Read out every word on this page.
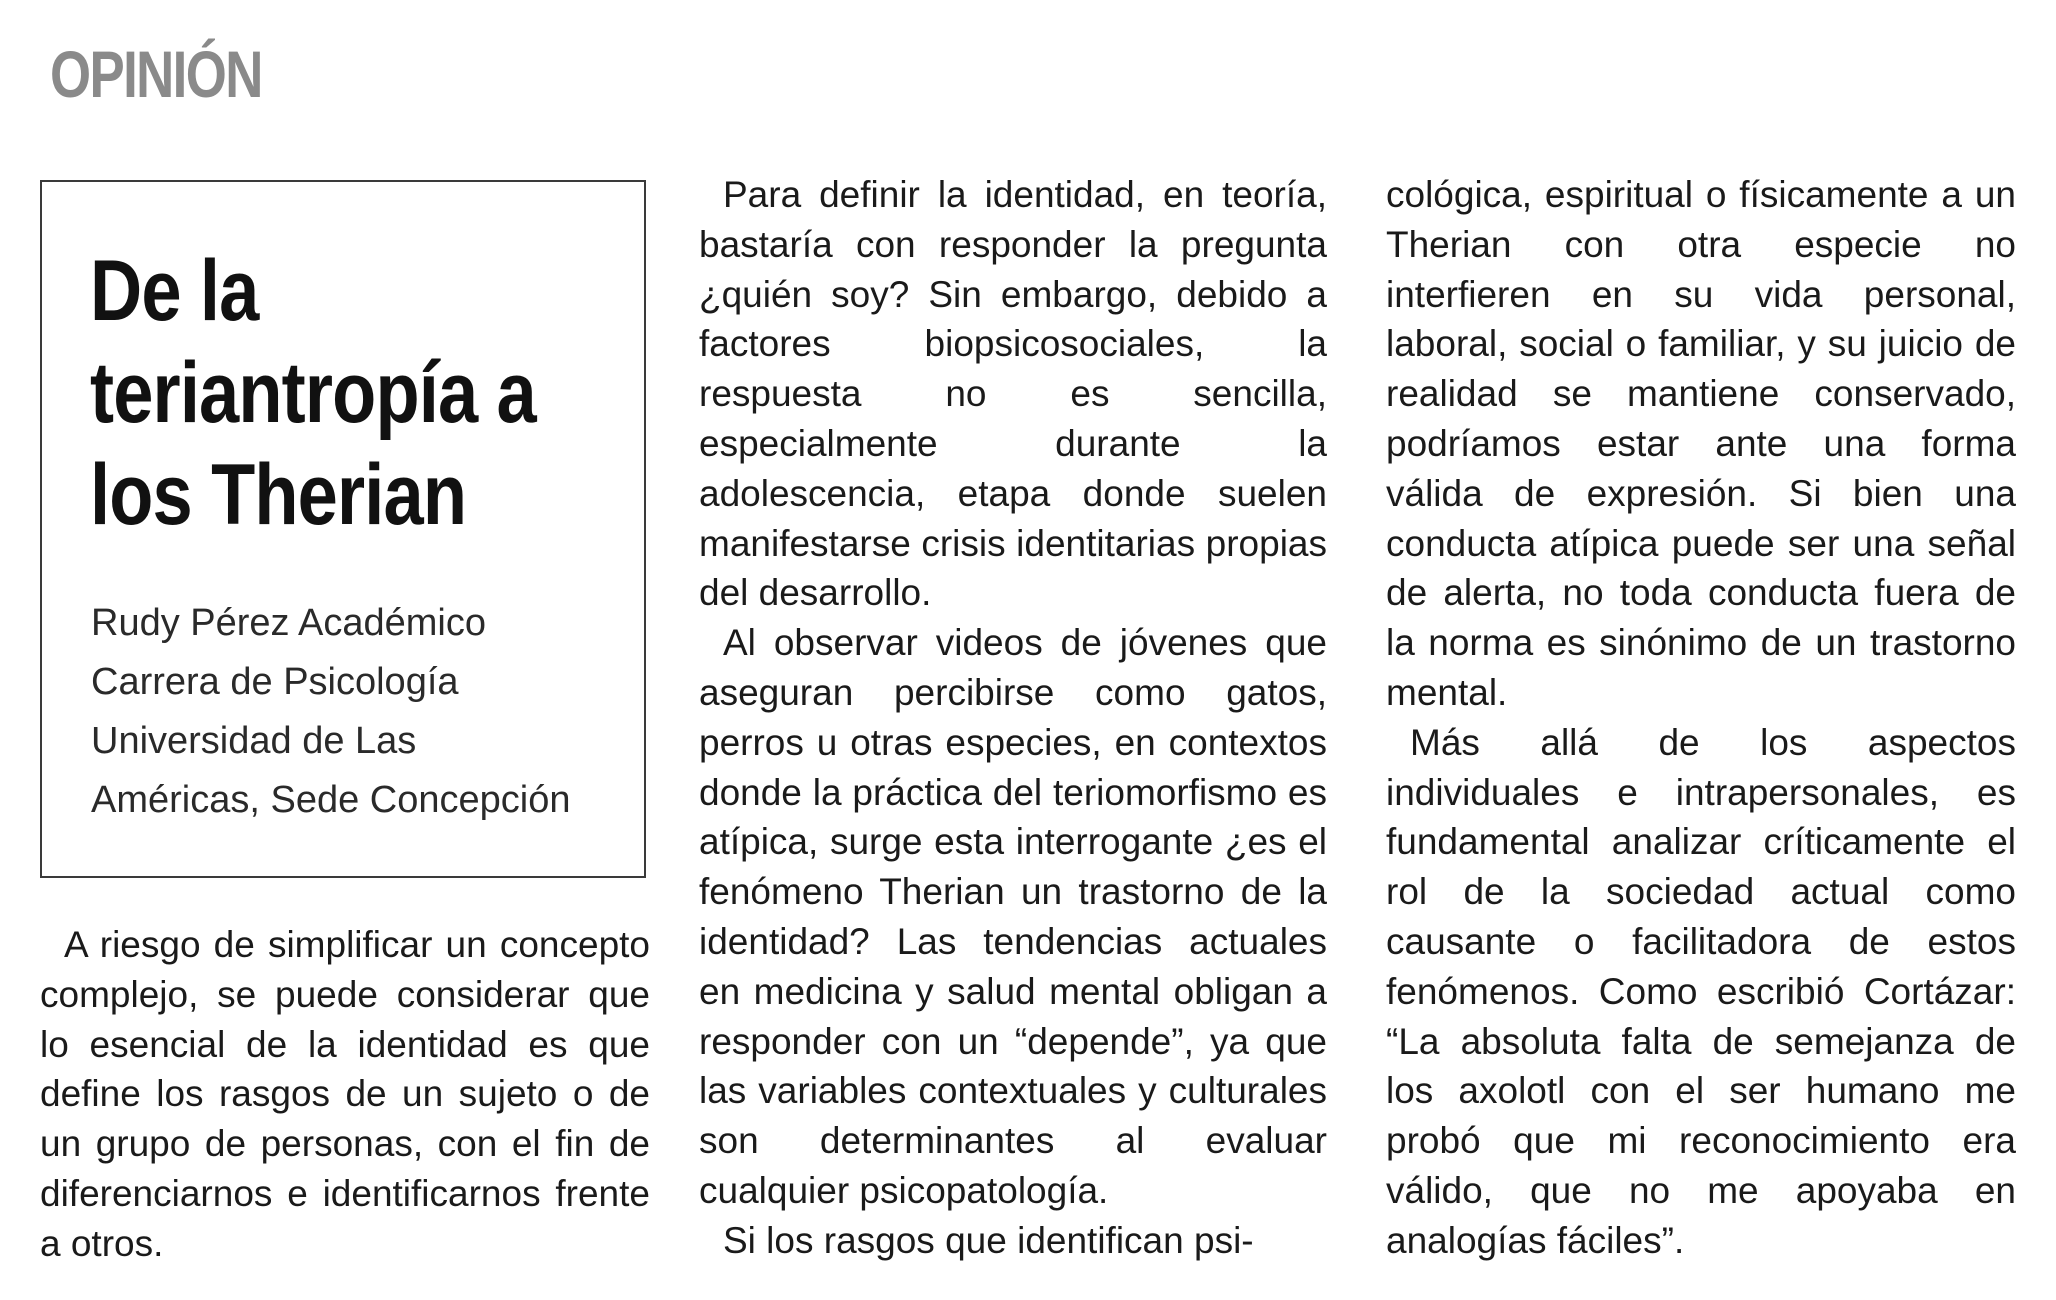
OPINIÓN
De la
teriantropía a
los Therian
Rudy Pérez Académico
Carrera de Psicología
Universidad de Las
Américas, Sede Concepción

A riesgo de simplificar un concepto complejo, se puede considerar que lo esencial de la identidad es que define los rasgos de un sujeto o de un grupo de personas, con el fin de diferenciarnos e identificarnos frente a otros.

Para definir la identidad, en teoría, bastaría con responder la pregunta ¿quién soy? Sin embargo, debido a factores biopsicosociales, la respuesta no es sencilla, especialmente durante la adolescencia, etapa donde suelen manifestarse crisis identitarias propias del desarrollo.

Al observar videos de jóvenes que aseguran percibirse como gatos, perros u otras especies, en contextos donde la práctica del teriomorfismo es atípica, surge esta interrogante ¿es el fenómeno Therian un trastorno de la identidad? Las tendencias actuales en medicina y salud mental obligan a responder con un “depende”, ya que las variables contextuales y culturales son determinantes al evaluar cualquier psicopatología.

Si los rasgos que identifican psi-

cológica, espiritual o físicamente a un Therian con otra especie no interfieren en su vida personal, laboral, social o familiar, y su juicio de realidad se mantiene conservado, podríamos estar ante una forma válida de expresión. Si bien una conducta atípica puede ser una señal de alerta, no toda conducta fuera de la norma es sinónimo de un trastorno mental.

Más allá de los aspectos individuales e intrapersonales, es fundamental analizar críticamente el rol de la sociedad actual como causante o facilitadora de estos fenómenos. Como escribió Cortázar: “La absoluta falta de semejanza de los axolotl con el ser humano me probó que mi reconocimiento era válido, que no me apoyaba en analogías fáciles”.
